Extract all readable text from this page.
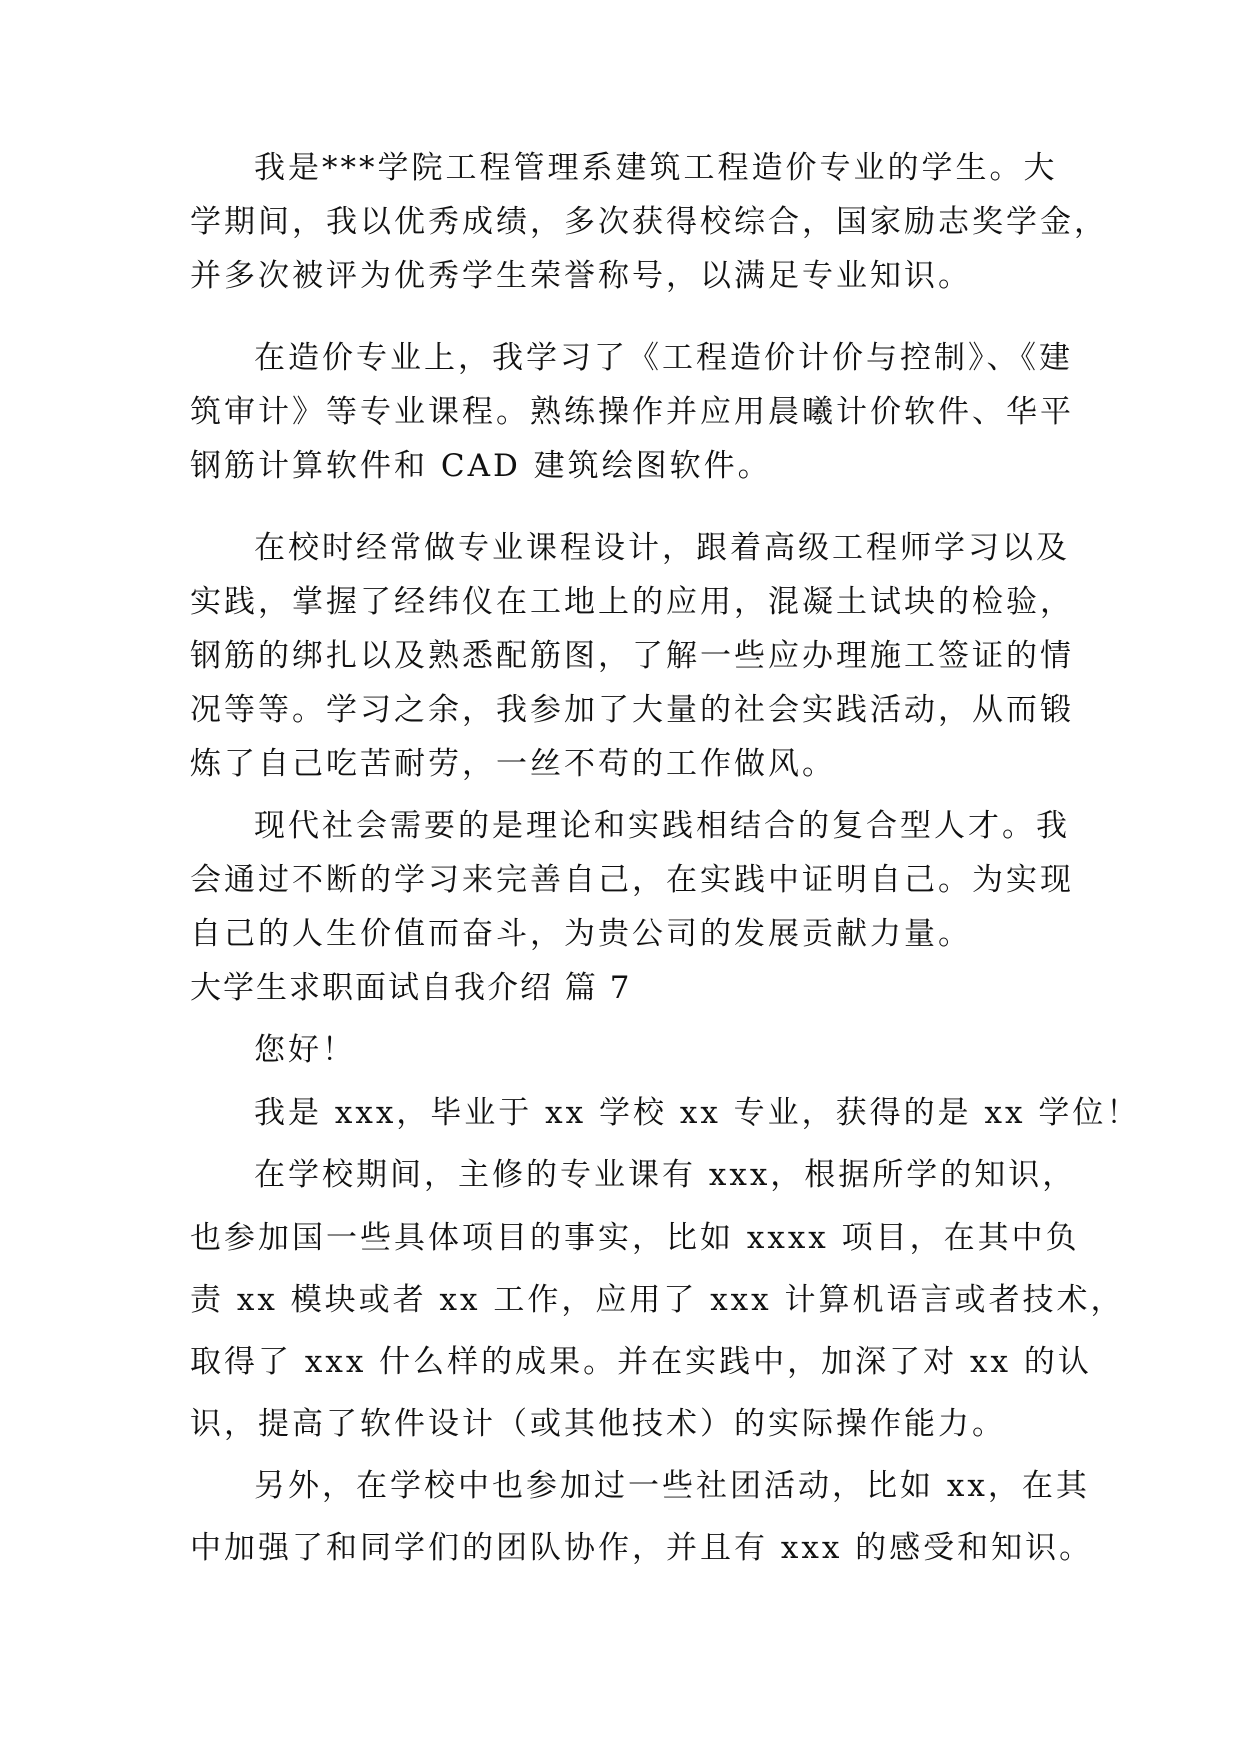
我是***学院工程管理系建筑工程造价专业的学生。大
学期间，我以优秀成绩，多次获得校综合，国家励志奖学金，
并多次被评为优秀学生荣誉称号，以满足专业知识。
在造价专业上，我学习了《工程造价计价与控制》、《建
筑审计》等专业课程。熟练操作并应用晨曦计价软件、华平
钢筋计算软件和 CAD 建筑绘图软件。
在校时经常做专业课程设计，跟着高级工程师学习以及
实践，掌握了经纬仪在工地上的应用，混凝土试块的检验，
钢筋的绑扎以及熟悉配筋图，了解一些应办理施工签证的情
况等等。学习之余，我参加了大量的社会实践活动，从而锻
炼了自己吃苦耐劳，一丝不苟的工作做风。
现代社会需要的是理论和实践相结合的复合型人才。我
会通过不断的学习来完善自己，在实践中证明自己。为实现
自己的人生价值而奋斗，为贵公司的发展贡献力量。
大学生求职面试自我介绍 篇 7
您好！
我是 xxx，毕业于 xx 学校 xx 专业，获得的是 xx 学位！
在学校期间，主修的专业课有 xxx，根据所学的知识，
也参加国一些具体项目的事实，比如 xxxx 项目，在其中负
责 xx 模块或者 xx 工作，应用了 xxx 计算机语言或者技术，
取得了 xxx 什么样的成果。并在实践中，加深了对 xx 的认
识，提高了软件设计（或其他技术）的实际操作能力。
另外，在学校中也参加过一些社团活动，比如 xx，在其
中加强了和同学们的团队协作，并且有 xxx 的感受和知识。
